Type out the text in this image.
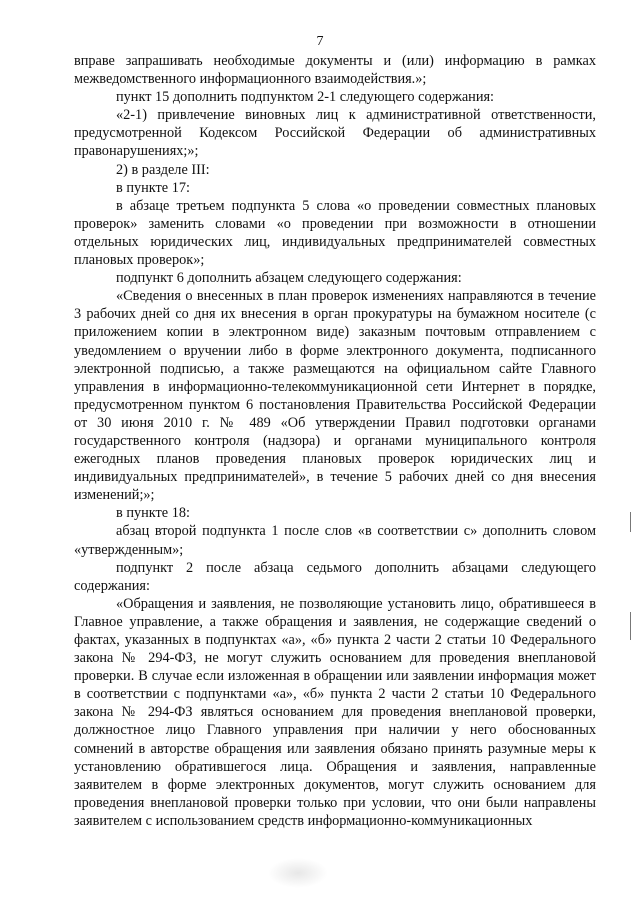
7

вправе запрашивать необходимые документы и (или) информацию в рамках межведомственного информационного взаимодействия.»;

пункт 15 дополнить подпунктом 2-1 следующего содержания:

«2-1) привлечение виновных лиц к административной ответственности, предусмотренной Кодексом Российской Федерации об административных правонарушениях;»;

2) в разделе III:

в пункте 17:

в абзаце третьем подпункта 5 слова «о проведении совместных плановых проверок» заменить словами «о проведении при возможности в отношении отдельных юридических лиц, индивидуальных предпринимателей совместных плановых проверок»;

подпункт 6 дополнить абзацем следующего содержания:

«Сведения о внесенных в план проверок изменениях направляются в течение 3 рабочих дней со дня их внесения в орган прокуратуры на бумажном носителе (с приложением копии в электронном виде) заказным почтовым отправлением с уведомлением о вручении либо в форме электронного документа, подписанного электронной подписью, а также размещаются на официальном сайте Главного управления в информационно-телекоммуникационной сети Интернет в порядке, предусмотренном пунктом 6 постановления Правительства Российской Федерации от 30 июня 2010 г. № 489 «Об утверждении Правил подготовки органами государственного контроля (надзора) и органами муниципального контроля ежегодных планов проведения плановых проверок юридических лиц и индивидуальных предпринимателей», в течение 5 рабочих дней со дня внесения изменений;»;

в пункте 18:

абзац второй подпункта 1 после слов «в соответствии с» дополнить словом «утвержденным»;

подпункт 2 после абзаца седьмого дополнить абзацами следующего содержания:

«Обращения и заявления, не позволяющие установить лицо, обратившееся в Главное управление, а также обращения и заявления, не содержащие сведений о фактах, указанных в подпунктах «а», «б» пункта 2 части 2 статьи 10 Федерального закона № 294-ФЗ, не могут служить основанием для проведения внеплановой проверки. В случае если изложенная в обращении или заявлении информация может в соответствии с подпунктами «а», «б» пункта 2 части 2 статьи 10 Федерального закона № 294-ФЗ являться основанием для проведения внеплановой проверки, должностное лицо Главного управления при наличии у него обоснованных сомнений в авторстве обращения или заявления обязано принять разумные меры к установлению обратившегося лица. Обращения и заявления, направленные заявителем в форме электронных документов, могут служить основанием для проведения внеплановой проверки только при условии, что они были направлены заявителем с использованием средств информационно-коммуникационных
